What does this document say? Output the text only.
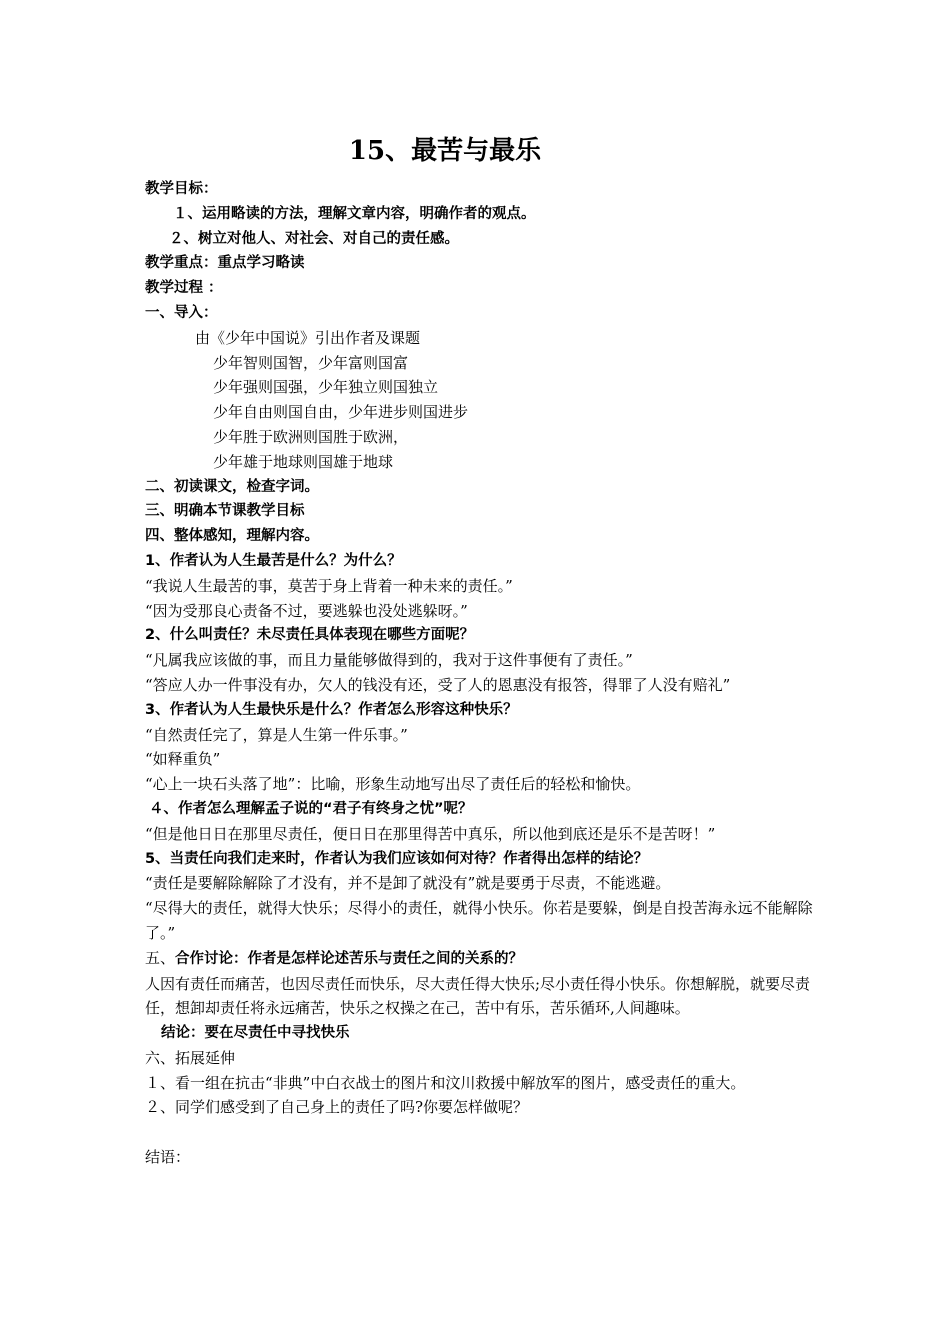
15、最苦与最乐
教学目标：
１、运用略读的方法，理解文章内容，明确作者的观点。
２、树立对他人、对社会、对自己的责任感。
教学重点：重点学习略读
教学过程 ：
一、导入：
由《少年中国说》引出作者及课题
少年智则国智，少年富则国富
少年强则国强，少年独立则国独立
少年自由则国自由，少年进步则国进步
少年胜于欧洲则国胜于欧洲，
少年雄于地球则国雄于地球
二、初读课文，检查字词。
三、明确本节课教学目标
四、整体感知，理解内容。
1、作者认为人生最苦是什么？为什么？
“我说人生最苦的事，莫苦于身上背着一种未来的责任。”
“因为受那良心责备不过，要逃躲也没处逃躲呀。”
2、什么叫责任？未尽责任具体表现在哪些方面呢？
“凡属我应该做的事，而且力量能够做得到的，我对于这件事便有了责任。”
“答应人办一件事没有办，欠人的钱没有还，受了人的恩惠没有报答，得罪了人没有赔礼”
3、作者认为人生最快乐是什么？作者怎么形容这种快乐？
“自然责任完了，算是人生第一件乐事。”
“如释重负”
“心上一块石头落了地”：比喻，形象生动地写出尽了责任后的轻松和愉快。
４、作者怎么理解孟子说的“君子有终身之忧”呢？
“但是他日日在那里尽责任，便日日在那里得苦中真乐，所以他到底还是乐不是苦呀！”
5、当责任向我们走来时，作者认为我们应该如何对待？作者得出怎样的结论？
“责任是要解除解除了才没有，并不是卸了就没有”就是要勇于尽责，不能逃避。
“尽得大的责任，就得大快乐；尽得小的责任，就得小快乐。你若是要躲，倒是自投苦海永远不能解除了。”
五、合作讨论：作者是怎样论述苦乐与责任之间的关系的？
人因有责任而痛苦，也因尽责任而快乐，尽大责任得大快乐;尽小责任得小快乐。你想解脱，就要尽责任，想卸却责任将永远痛苦，快乐之权操之在己，苦中有乐，苦乐循环,人间趣味。
结论：要在尽责任中寻找快乐
六、拓展延伸
１、看一组在抗击“非典”中白衣战士的图片和汶川救援中解放军的图片，感受责任的重大。
２、同学们感受到了自己身上的责任了吗?你要怎样做呢？
结语：
